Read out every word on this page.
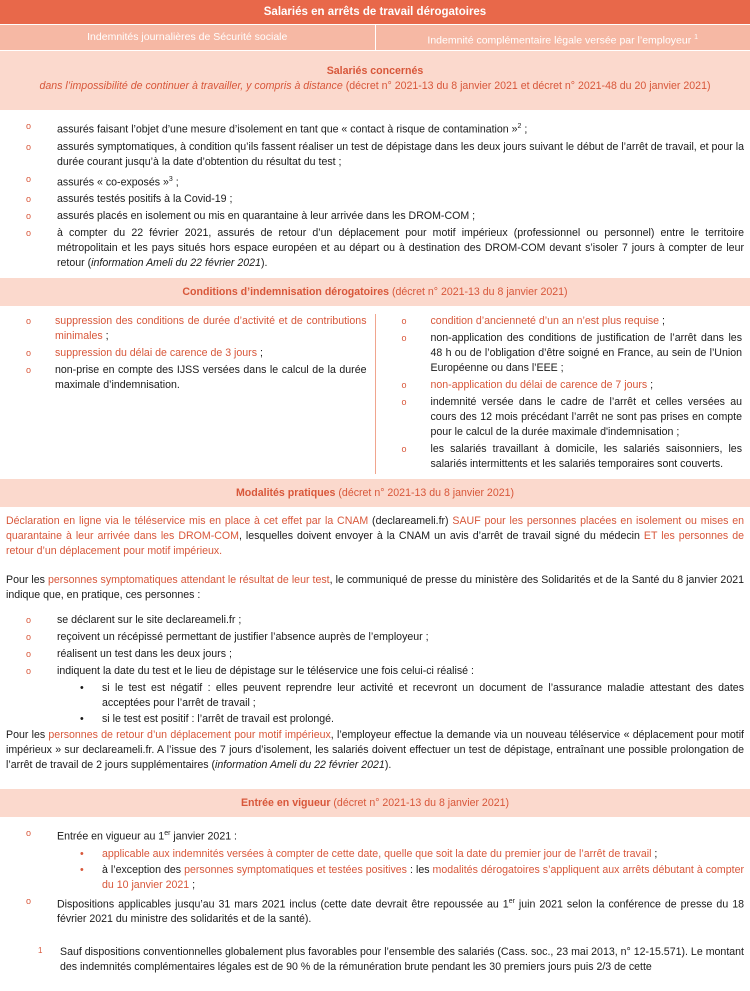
Salariés en arrêts de travail dérogatoires
Indemnités journalières de Sécurité sociale	Indemnité complémentaire légale versée par l’employeur $^1$
Salariés concernés
dans l’impossibilité de continuer à travailler, y compris à distance (décret n° 2021-13 du 8 janvier 2021 et décret n° 2021-48 du 20 janvier 2021)
o assurés faisant l’objet d’une mesure d’isolement en tant que « contact à risque de contamination »$^2$ ;
o assurés symptomatiques, à condition qu’ils fassent réaliser un test de dépistage dans les deux jours suivant le début de l’arrêt de travail, et pour la durée courant jusqu’à la date d’obtention du résultat du test ;
o assurés « co-exposés »$^3$ ;
o assurés testés positifs à la Covid-19 ;
o assurés placés en isolement ou mis en quarantaine à leur arrivée dans les DROM-COM ;
o à compter du 22 février 2021, assurés de retour d’un déplacement pour motif impérieux (professionnel ou personnel) entre le territoire métropolitain et les pays situés hors espace européen et au départ ou à destination des DROM-COM devant s’isoler 7 jours à compter de leur retour (information Ameli du 22 février 2021).
Conditions d’indemnisation dérogatoires (décret n° 2021-13 du 8 janvier 2021)
o suppression des conditions de durée d’activité et de contributions minimales ;
o suppression du délai de carence de 3 jours ;
o non-prise en compte des IJSS versées dans le calcul de la durée maximale d’indemnisation.
o condition d’ancienneté d’un an n’est plus requise ;
o non-application des conditions de justification de l’arrêt dans les 48 h ou de l’obligation d’être soigné en France, au sein de l’Union Européenne ou dans l’EEE ;
o non-application du délai de carence de 7 jours ;
o indemnité versée dans le cadre de l’arrêt et celles versées au cours des 12 mois précédant l’arrêt ne sont pas prises en compte pour le calcul de la durée maximale d'indemnisation ;
o les salariés travaillant à domicile, les salariés saisonniers, les salariés intermittents et les salariés temporaires sont couverts.
Modalités pratiques (décret n° 2021-13 du 8 janvier 2021)
Déclaration en ligne via le téléservice mis en place à cet effet par la CNAM (declareameli.fr) SAUF pour les personnes placées en isolement ou mises en quarantaine à leur arrivée dans les DROM-COM, lesquelles doivent envoyer à la CNAM un avis d’arrêt de travail signé du médecin ET les personnes de retour d’un déplacement pour motif impérieux.
Pour les personnes symptomatiques attendant le résultat de leur test, le communiqué de presse du ministère des Solidarités et de la Santé du 8 janvier 2021 indique que, en pratique, ces personnes :
o se déclarent sur le site declareameli.fr ;
o reçoivent un récépissé permettant de justifier l’absence auprès de l’employeur ;
o réalisent un test dans les deux jours ;
o indiquent la date du test et le lieu de dépistage sur le téléservice une fois celui-ci réalisé :
• si le test est négatif : elles peuvent reprendre leur activité et recevront un document de l’assurance maladie attestant des dates acceptées pour l’arrêt de travail ;
• si le test est positif : l’arrêt de travail est prolongé.
Pour les personnes de retour d’un déplacement pour motif impérieux, l’employeur effectue la demande via un nouveau téléservice « déplacement pour motif impérieux » sur declareameli.fr. A l’issue des 7 jours d’isolement, les salariés doivent effectuer un test de dépistage, entraînant une possible prolongation de l’arrêt de travail de 2 jours supplémentaires (information Ameli du 22 février 2021).
Entrée en vigueur (décret n° 2021-13 du 8 janvier 2021)
o Entrée en vigueur au 1er janvier 2021 :
• applicable aux indemnités versées à compter de cette date, quelle que soit la date du premier jour de l’arrêt de travail ;
• à l’exception des personnes symptomatiques et testées positives : les modalités dérogatoires s’appliquent aux arrêts débutant à compter du 10 janvier 2021 ;
o Dispositions applicables jusqu’au 31 mars 2021 inclus (cette date devrait être repoussée au 1er juin 2021 selon la conférence de presse du 18 février 2021 du ministre des solidarités et de la santé).
1 Sauf dispositions conventionnelles globalement plus favorables pour l’ensemble des salariés (Cass. soc., 23 mai 2013, n° 12-15.571). Le montant des indemnités complémentaires légales est de 90 % de la rémunération brute pendant les 30 premiers jours puis 2/3 de cette
